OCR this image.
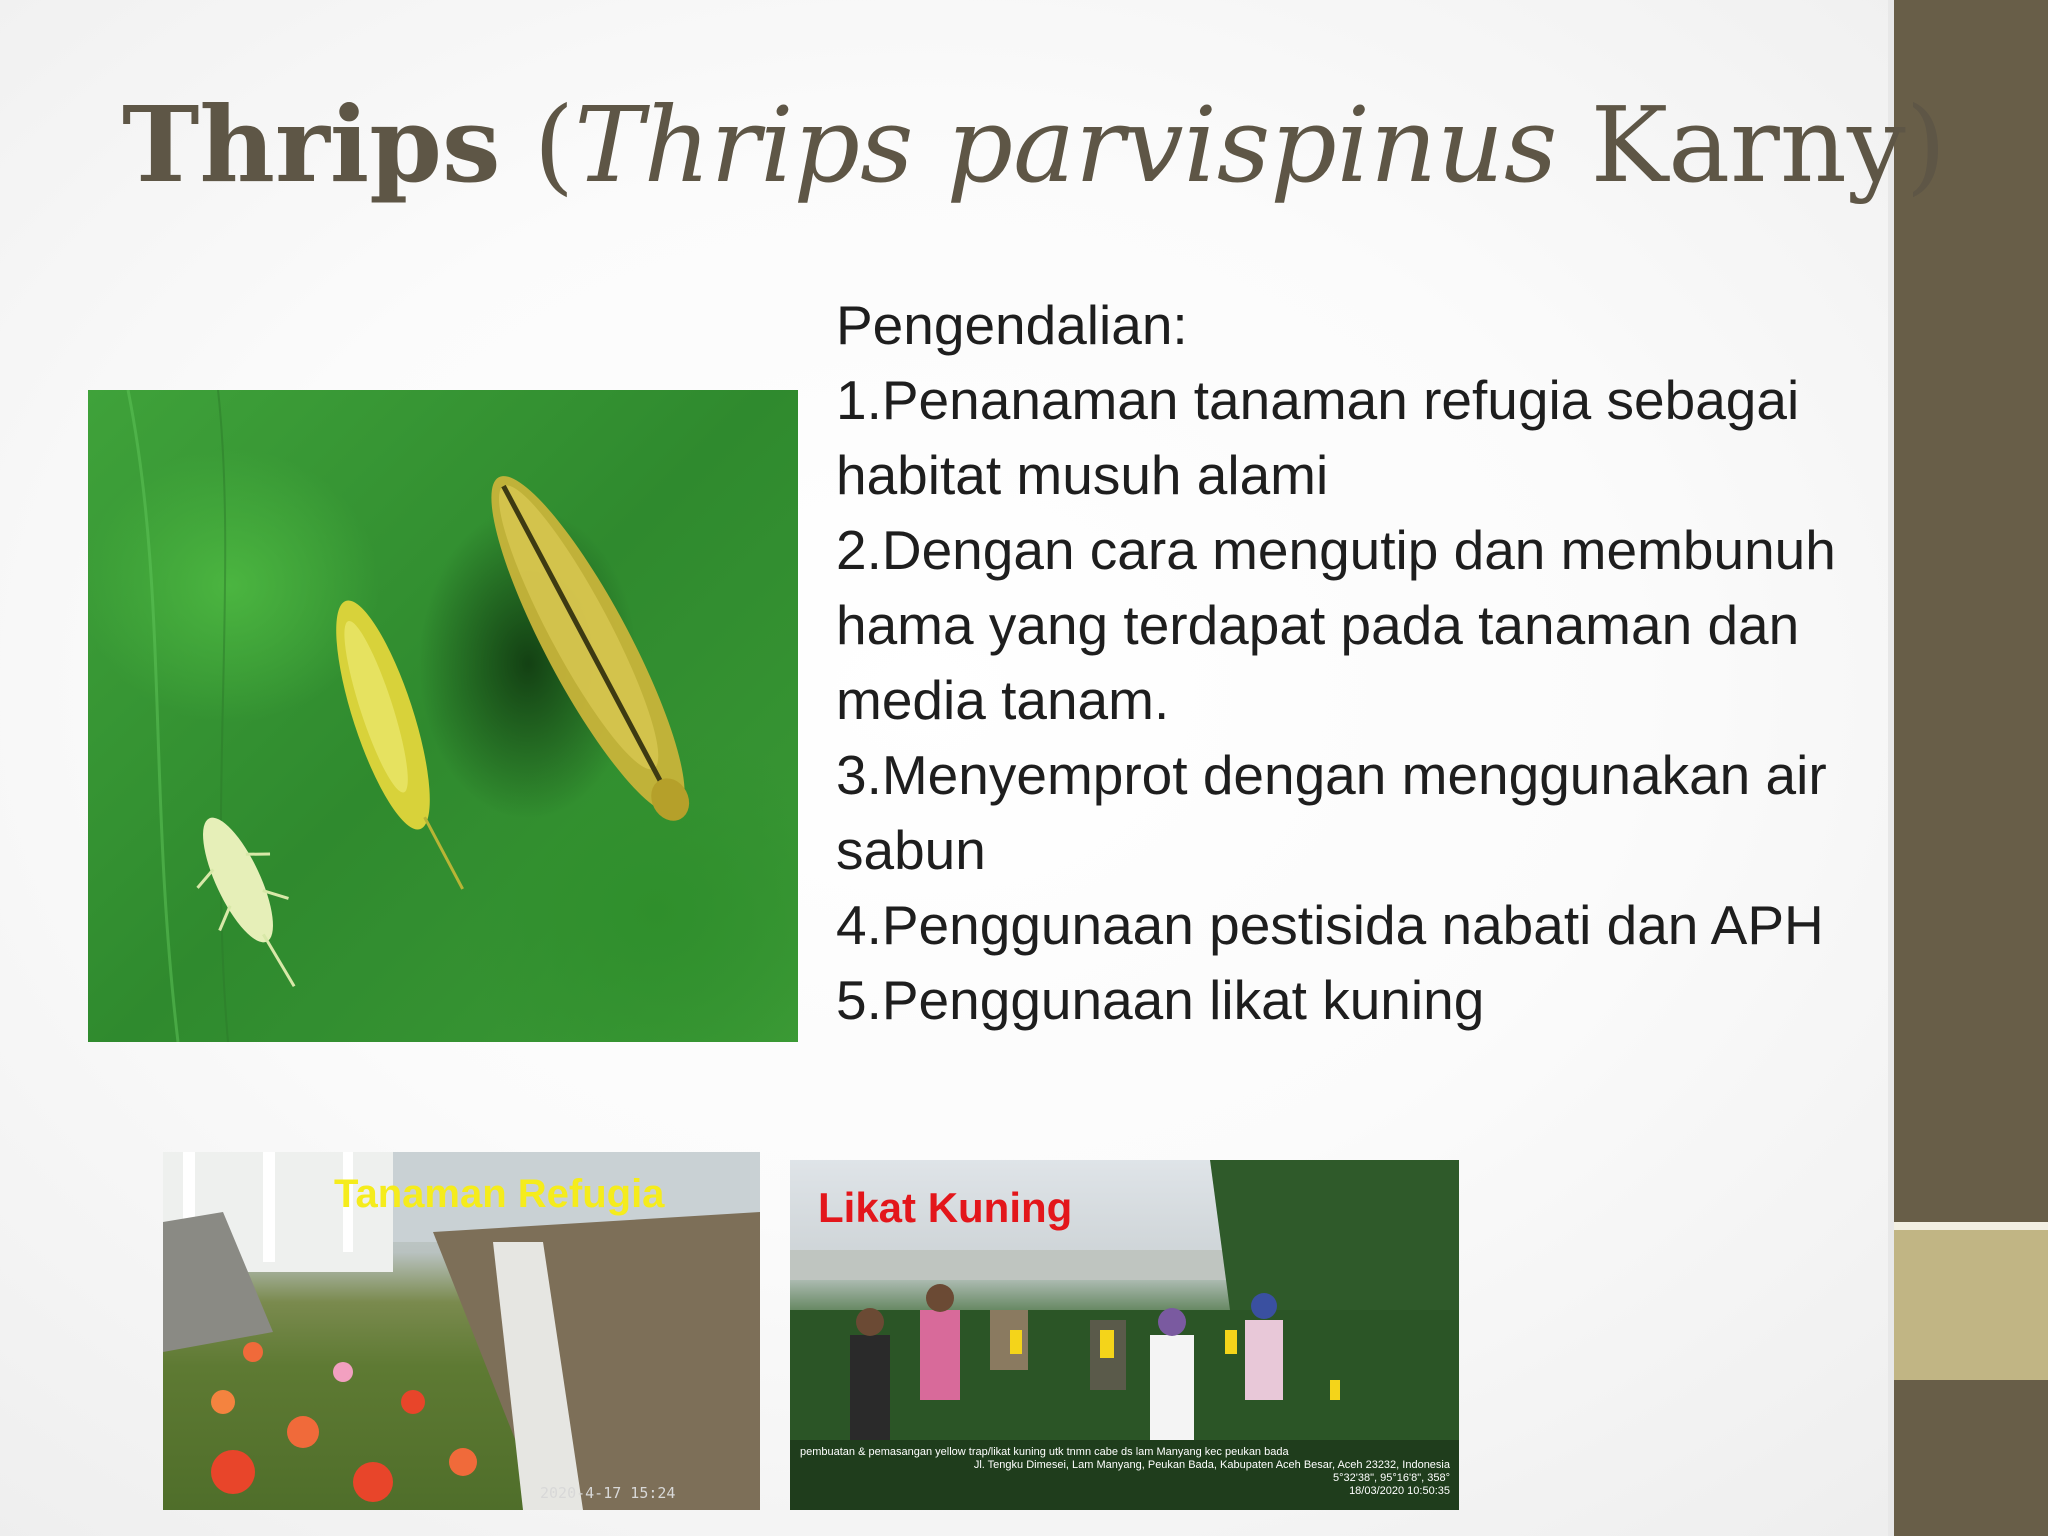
Thrips (Thrips parvispinus Karny)
Pengendalian:
1.Penanaman tanaman refugia sebagai
habitat musuh alami
2.Dengan cara mengutip dan membunuh
hama yang terdapat pada tanaman dan
media tanam.
3.Menyemprot dengan menggunakan air
sabun
4.Penggunaan pestisida nabati dan APH
5.Penggunaan likat kuning
Tanaman Refugia
2020-4-17 15:24
Likat Kuning
pembuatan & pemasangan yellow trap/likat kuning utk tnmn cabe ds lam Manyang kec peukan bada
Jl. Tengku Dimesei, Lam Manyang, Peukan Bada, Kabupaten Aceh Besar, Aceh 23232, Indonesia
5°32'38", 95°16'8", 358°
18/03/2020 10:50:35
